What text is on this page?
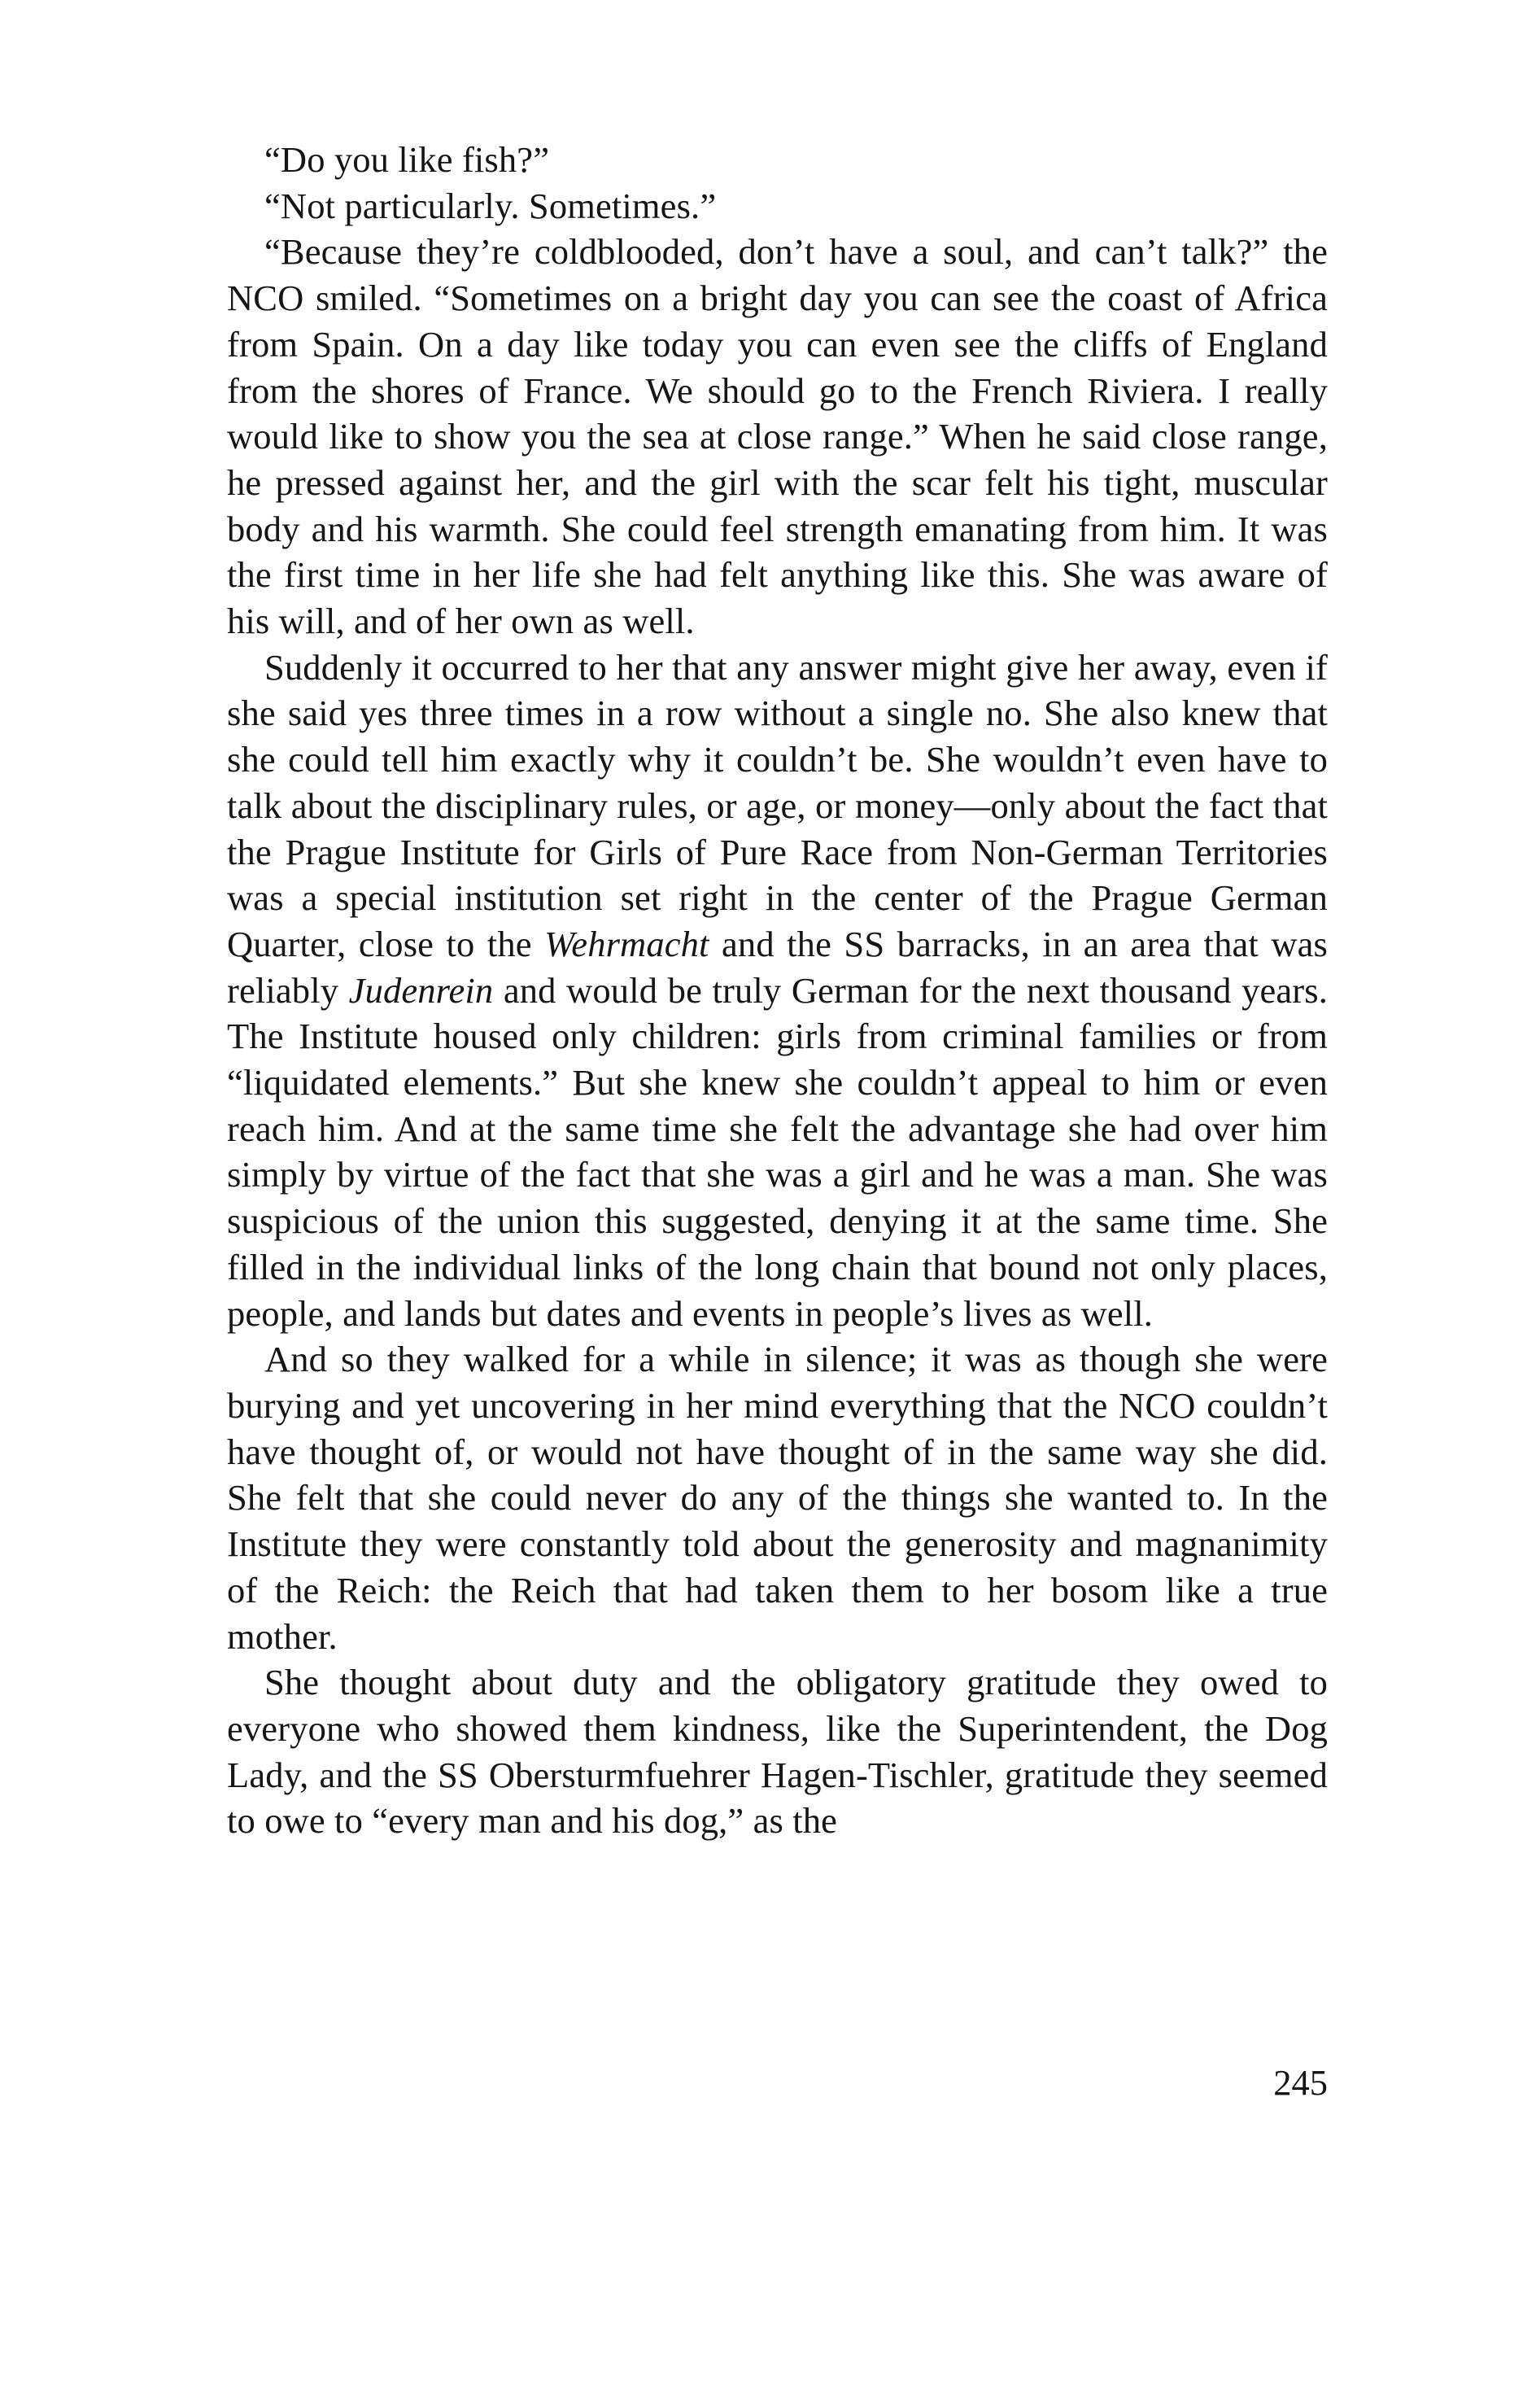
“Do you like fish?”

“Not particularly. Sometimes.”

“Because they’re coldblooded, don’t have a soul, and can’t talk?” the NCO smiled. “Sometimes on a bright day you can see the coast of Africa from Spain. On a day like today you can even see the cliffs of England from the shores of France. We should go to the French Riviera. I really would like to show you the sea at close range.” When he said close range, he pressed against her, and the girl with the scar felt his tight, muscular body and his warmth. She could feel strength emanating from him. It was the first time in her life she had felt anything like this. She was aware of his will, and of her own as well.

Suddenly it occurred to her that any answer might give her away, even if she said yes three times in a row without a single no. She also knew that she could tell him exactly why it couldn’t be. She wouldn’t even have to talk about the disciplinary rules, or age, or money—only about the fact that the Prague Institute for Girls of Pure Race from Non-German Territories was a special institution set right in the center of the Prague German Quarter, close to the Wehrmacht and the SS barracks, in an area that was reliably Judenrein and would be truly German for the next thousand years. The Institute housed only children: girls from criminal families or from “liquidated elements.” But she knew she couldn’t appeal to him or even reach him. And at the same time she felt the advantage she had over him simply by virtue of the fact that she was a girl and he was a man. She was suspicious of the union this suggested, denying it at the same time. She filled in the individual links of the long chain that bound not only places, people, and lands but dates and events in people’s lives as well.

And so they walked for a while in silence; it was as though she were burying and yet uncovering in her mind everything that the NCO couldn’t have thought of, or would not have thought of in the same way she did. She felt that she could never do any of the things she wanted to. In the Institute they were constantly told about the generosity and magnanimity of the Reich: the Reich that had taken them to her bosom like a true mother.

She thought about duty and the obligatory gratitude they owed to everyone who showed them kindness, like the Superintendent, the Dog Lady, and the SS Obersturmfuehrer Hagen-Tischler, gratitude they seemed to owe to “every man and his dog,” as the

245
